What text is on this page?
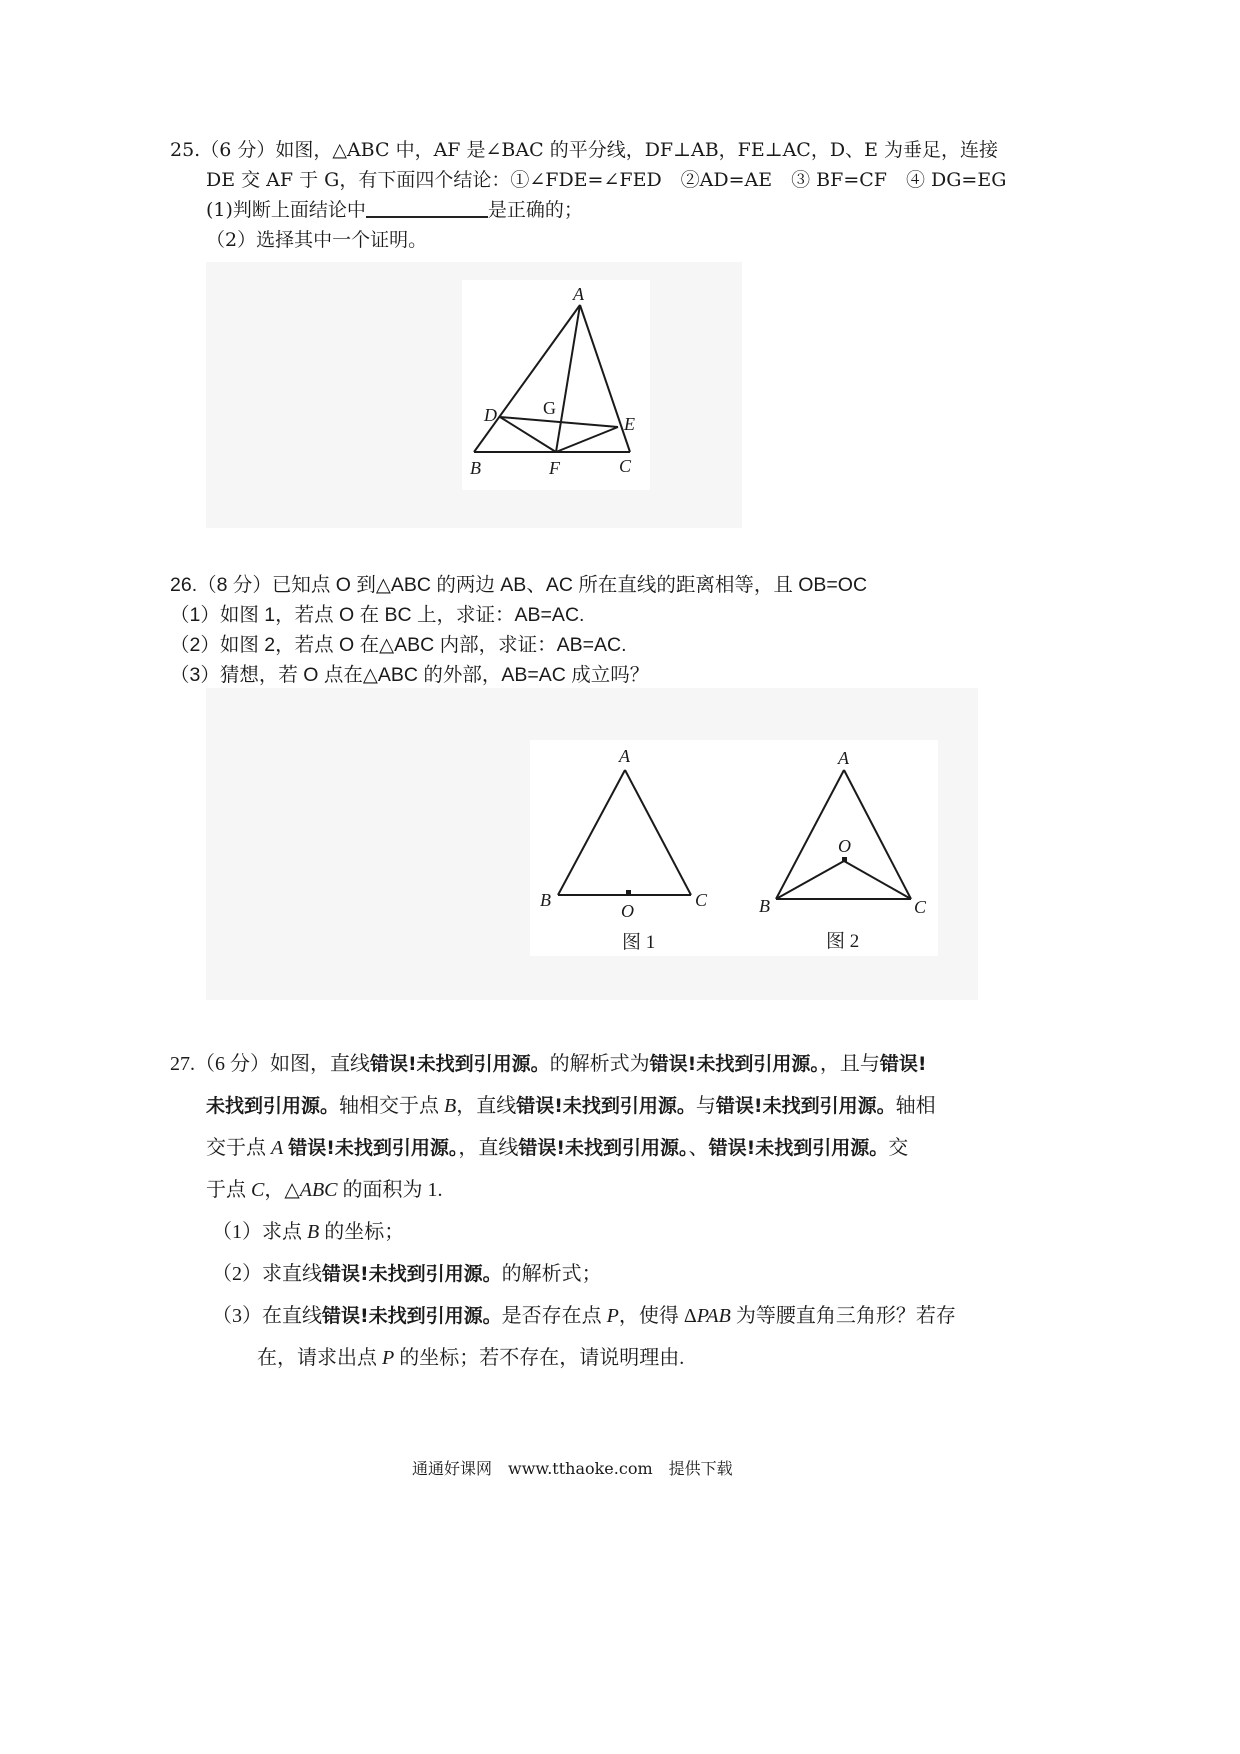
25.（6 分）如图，△ABC 中，AF 是∠BAC 的平分线，DF⊥AB，FE⊥AC，D、E 为垂足，连接
DE 交 AF 于 G，有下面四个结论：①∠FDE=∠FED　②AD=AE　③ BF=CF　④ DG=EG
(1)判断上面结论中	是正确的；
（2）选择其中一个证明。
A
B	C
D	E
F
G
26.（8 分）已知点 O 到△ABC 的两边 AB、AC 所在直线的距离相等，且 OB=OC
（1）如图 1，若点 O 在 BC 上，求证：AB=AC.
（2）如图 2，若点 O 在△ABC 内部，求证：AB=AC.
（3）猜想，若 O 点在△ABC 的外部，AB=AC 成立吗？
A
B	C
O
图 1
A
B	C
O
图 2
27.（6 分）如图，直线错误!未找到引用源。的解析式为错误!未找到引用源。，且与错误!
未找到引用源。轴相交于点 B，直线错误!未找到引用源。与错误!未找到引用源。轴相
交于点 A 错误!未找到引用源。，直线错误!未找到引用源。、错误!未找到引用源。交
于点 C，△ABC 的面积为 1.
（1）求点 B 的坐标；
（2）求直线错误!未找到引用源。的解析式；
（3）在直线错误!未找到引用源。是否存在点 P，使得 ΔPAB 为等腰直角三角形？若存
在，请求出点 P 的坐标；若不存在，请说明理由.
通通好课网　www.tthaoke.com　提供下载
